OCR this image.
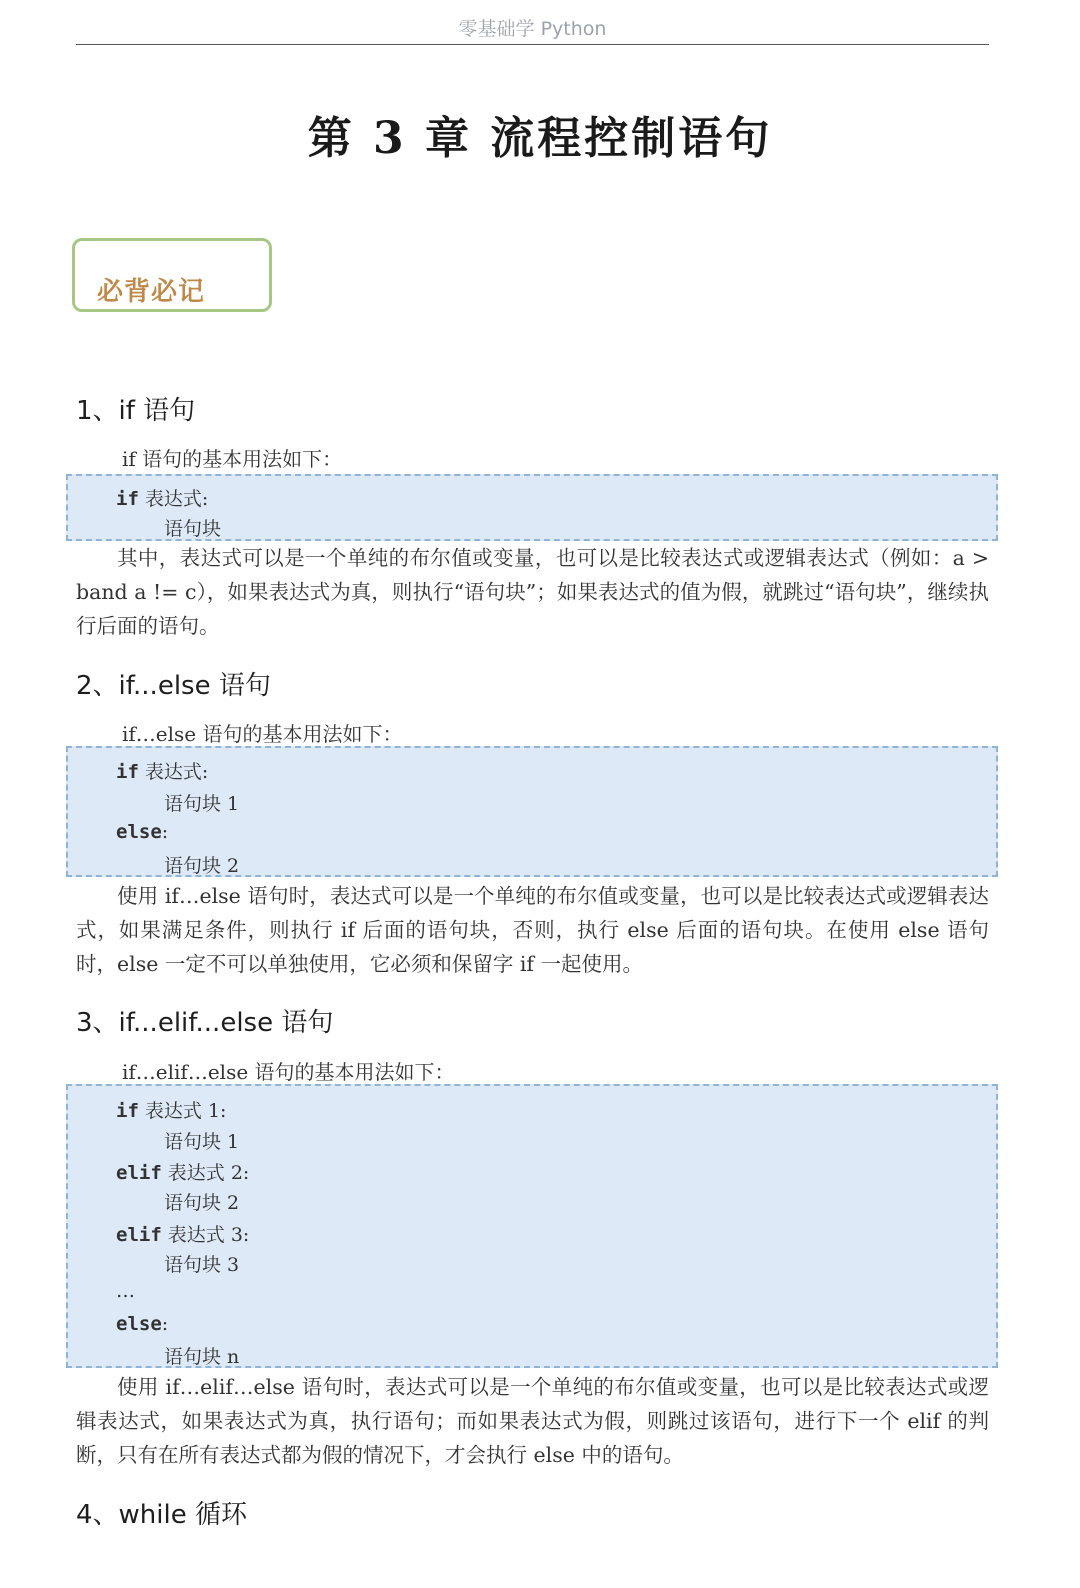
零基础学 Python
第 3 章 流程控制语句
必背必记
1、if 语句
if 语句的基本用法如下：
if 表达式:
语句块
其中，表达式可以是一个单纯的布尔值或变量，也可以是比较表达式或逻辑表达式（例如：a > band a != c），如果表达式为真，则执行“语句块”；如果表达式的值为假，就跳过“语句块”，继续执行后面的语句。
2、if...else 语句
if…else 语句的基本用法如下：
if 表达式:
语句块 1
else:
语句块 2
使用 if…else 语句时，表达式可以是一个单纯的布尔值或变量，也可以是比较表达式或逻辑表达式，如果满足条件，则执行 if 后面的语句块，否则，执行 else 后面的语句块。在使用 else 语句时，else 一定不可以单独使用，它必须和保留字 if 一起使用。
3、if...elif...else 语句
if…elif…else 语句的基本用法如下：
if 表达式 1:
语句块 1
elif 表达式 2:
语句块 2
elif 表达式 3:
语句块 3
…
else:
语句块 n
使用 if…elif…else 语句时，表达式可以是一个单纯的布尔值或变量，也可以是比较表达式或逻辑表达式，如果表达式为真，执行语句；而如果表达式为假，则跳过该语句，进行下一个 elif 的判断，只有在所有表达式都为假的情况下，才会执行 else 中的语句。
4、while 循环
